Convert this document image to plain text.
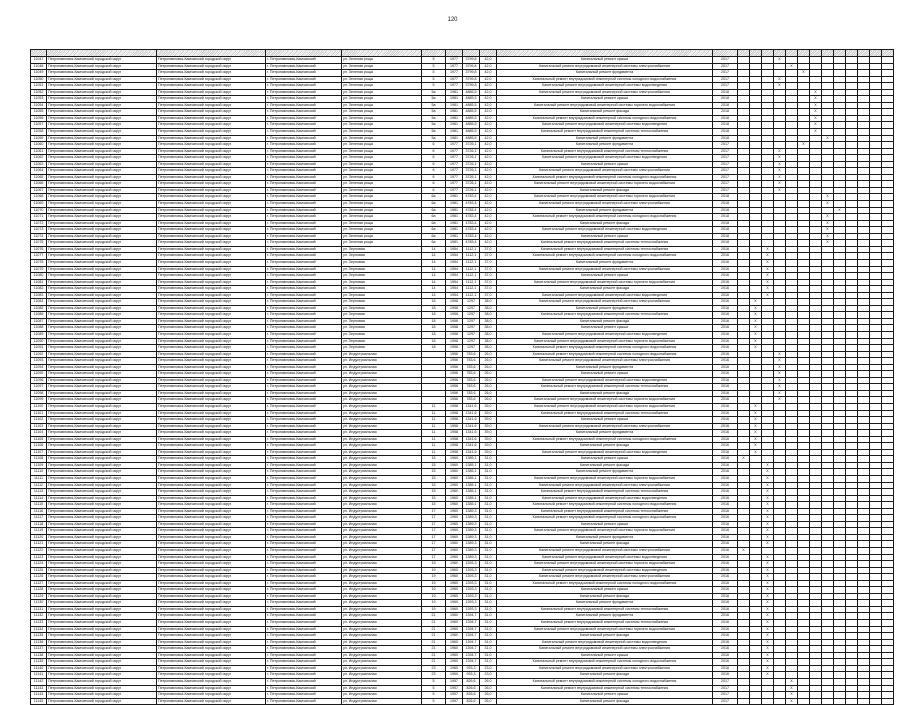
120

11047	Петропавловск-Камчатский городской округ	Петропавловск-Камчатский городской округ	г. Петропавловск-Камчатский	ул. Зеленая роща	5	1977	3799,8	42,0	Капитальный ремонт крыши	2017				X									
11048	Петропавловск-Камчатский городской округ	Петропавловск-Камчатский городской округ	г. Петропавловск-Камчатский	ул. Зеленая роща	5	1977	3799,8	42,0	Капитальный ремонт внутридомовой инженерной системы электроснабжения	2017					X								
11049	Петропавловск-Камчатский городской округ	Петропавловск-Камчатский городской округ	г. Петропавловск-Камчатский	ул. Зеленая роща	5	1977	3799,8	42,0	Капитальный ремонт фундамента	2017						X							
11050	Петропавловск-Камчатский городской округ	Петропавловск-Камчатский городской округ	г. Петропавловск-Камчатский	ул. Зеленая роща	5	1977	3799,8	42,0	Капитальный ремонт внутридомовой инженерной системы холодного водоснабжения	2017				X									
11051	Петропавловск-Камчатский городской округ	Петропавловск-Камчатский городской округ	г. Петропавловск-Камчатский	ул. Зеленая роща	5	1977	3799,8	42,0	Капитальный ремонт внутридомовой инженерной системы водоотведения	2017				X									
11052	Петропавловск-Камчатский городской округ	Петропавловск-Камчатский городской округ	г. Петропавловск-Камчатский	ул. Зеленая роща	5а	1981	4885,5	42,0	Капитальный ремонт внутридомовой инженерной системы электроснабжения	2018							X						
11053	Петропавловск-Камчатский городской округ	Петропавловск-Камчатский городской округ	г. Петропавловск-Камчатский	ул. Зеленая роща	5а	1981	4885,5	42,0	Капитальный ремонт крыши	2018							X						
11054	Петропавловск-Камчатский городской округ	Петропавловск-Камчатский городской округ	г. Петропавловск-Камчатский	ул. Зеленая роща	5а	1981	4885,5	42,0	Капитальный ремонт внутридомовой инженерной системы горячего водоснабжения	2018							X						
11055	Петропавловск-Камчатский городской округ	Петропавловск-Камчатский городской округ	г. Петропавловск-Камчатский	ул. Зеленая роща	5а	1981	4885,5	42,0	Капитальный ремонт фасада	2018							X						
11056	Петропавловск-Камчатский городской округ	Петропавловск-Камчатский городской округ	г. Петропавловск-Камчатский	ул. Зеленая роща	5а	1981	4885,5	42,0	Капитальный ремонт внутридомовой инженерной системы холодного водоснабжения	2018							X						
11057	Петропавловск-Камчатский городской округ	Петропавловск-Камчатский городской округ	г. Петропавловск-Камчатский	ул. Зеленая роща	5а	1981	4885,5	42,0	Капитальный ремонт внутридомовой инженерной системы водоотведения	2018							X						
11058	Петропавловск-Камчатский городской округ	Петропавловск-Камчатский городской округ	г. Петропавловск-Камчатский	ул. Зеленая роща	5а	1981	4885,5	42,0	Капитальный ремонт внутридомовой инженерной системы теплоснабжения	2018							X						
11059	Петропавловск-Камчатский городской округ	Петропавловск-Камчатский городской округ	г. Петропавловск-Камчатский	ул. Зеленая роща	5а	1981	4885,5	42,0	Капитальный ремонт фундамента	2018								X					
11060	Петропавловск-Камчатский городской округ	Петропавловск-Камчатский городской округ	г. Петропавловск-Камчатский	ул. Зеленая роща	6	1977	3726,1	42,0	Капитальный ремонт фундамента	2017						X							
11061	Петропавловск-Камчатский городской округ	Петропавловск-Камчатский городской округ	г. Петропавловск-Камчатский	ул. Зеленая роща	6	1977	3726,1	42,0	Капитальный ремонт внутридомовой инженерной системы теплоснабжения	2017				X									
11062	Петропавловск-Камчатский городской округ	Петропавловск-Камчатский городской округ	г. Петропавловск-Камчатский	ул. Зеленая роща	6	1977	3726,1	42,0	Капитальный ремонт внутридомовой инженерной системы водоотведения	2017				X									
11063	Петропавловск-Камчатский городской округ	Петропавловск-Камчатский городской округ	г. Петропавловск-Камчатский	ул. Зеленая роща	6	1977	3726,1	42,0	Капитальный ремонт крыши	2017				X									
11064	Петропавловск-Камчатский городской округ	Петропавловск-Камчатский городской округ	г. Петропавловск-Камчатский	ул. Зеленая роща	6	1977	3726,1	42,0	Капитальный ремонт внутридомовой инженерной системы электроснабжения	2017				X									
11065	Петропавловск-Камчатский городской округ	Петропавловск-Камчатский городской округ	г. Петропавловск-Камчатский	ул. Зеленая роща	6	1977	3726,1	42,0	Капитальный ремонт внутридомовой инженерной системы холодного водоснабжения	2017				X									
11066	Петропавловск-Камчатский городской округ	Петропавловск-Камчатский городской округ	г. Петропавловск-Камчатский	ул. Зеленая роща	6	1977	3726,1	42,0	Капитальный ремонт внутридомовой инженерной системы горячего водоснабжения	2017				X									
11067	Петропавловск-Камчатский городской округ	Петропавловск-Камчатский городской округ	г. Петропавловск-Камчатский	ул. Зеленая роща	6	1977	3726,1	42,0	Капитальный ремонт фасада	2017				X									
11068	Петропавловск-Камчатский городской округ	Петропавловск-Камчатский городской округ	г. Петропавловск-Камчатский	ул. Зеленая роща	6а	1981	4783,4	42,0	Капитальный ремонт внутридомовой инженерной системы горячего водоснабжения	2018								X					
11069	Петропавловск-Камчатский городской округ	Петропавловск-Камчатский городской округ	г. Петропавловск-Камчатский	ул. Зеленая роща	6а	1981	4783,4	42,0	Капитальный ремонт внутридомовой инженерной системы электроснабжения	2018								X					
11070	Петропавловск-Камчатский городской округ	Петропавловск-Камчатский городской округ	г. Петропавловск-Камчатский	ул. Зеленая роща	6а	1981	4783,4	42,0	Капитальный ремонт фундамента	2018									X				
11071	Петропавловск-Камчатский городской округ	Петропавловск-Камчатский городской округ	г. Петропавловск-Камчатский	ул. Зеленая роща	6а	1981	4783,4	42,0	Капитальный ремонт внутридомовой инженерной системы холодного водоснабжения	2018								X					
11072	Петропавловск-Камчатский городской округ	Петропавловск-Камчатский городской округ	г. Петропавловск-Камчатский	ул. Зеленая роща	6а	1981	4783,4	42,0	Капитальный ремонт фасада	2018								X					
11073	Петропавловск-Камчатский городской округ	Петропавловск-Камчатский городской округ	г. Петропавловск-Камчатский	ул. Зеленая роща	6а	1981	4783,4	42,0	Капитальный ремонт внутридомовой инженерной системы водоотведения	2018								X					
11074	Петропавловск-Камчатский городской округ	Петропавловск-Камчатский городской округ	г. Петропавловск-Камчатский	ул. Зеленая роща	6а	1981	4783,4	42,0	Капитальный ремонт крыши	2018								X					
11075	Петропавловск-Камчатский городской округ	Петропавловск-Камчатский городской округ	г. Петропавловск-Камчатский	ул. Зеленая роща	6а	1981	4783,4	42,0	Капитальный ремонт внутридомовой инженерной системы теплоснабжения	2018								X					
11076	Петропавловск-Камчатский городской округ	Петропавловск-Камчатский городской округ	г. Петропавловск-Камчатский	ул. Зерновая	14	1954	1112,1	37,0	Капитальный ремонт внутридомовой инженерной системы теплоснабжения	2016			X										
11077	Петропавловск-Камчатский городской округ	Петропавловск-Камчатский городской округ	г. Петропавловск-Камчатский	ул. Зерновая	14	1954	1112,1	37,0	Капитальный ремонт внутридомовой инженерной системы холодного водоснабжения	2016			X										
11078	Петропавловск-Камчатский городской округ	Петропавловск-Камчатский городской округ	г. Петропавловск-Камчатский	ул. Зерновая	14	1954	1112,1	37,0	Капитальный ремонт фундамента	2016			X										
11079	Петропавловск-Камчатский городской округ	Петропавловск-Камчатский городской округ	г. Петропавловск-Камчатский	ул. Зерновая	14	1954	1112,1	37,0	Капитальный ремонт внутридомовой инженерной системы электроснабжения	2016			X										
11080	Петропавловск-Камчатский городской округ	Петропавловск-Камчатский городской округ	г. Петропавловск-Камчатский	ул. Зерновая	14	1954	1112,1	37,0	Капитальный ремонт крыши	2016			X										
11081	Петропавловск-Камчатский городской округ	Петропавловск-Камчатский городской округ	г. Петропавловск-Камчатский	ул. Зерновая	14	1954	1112,1	37,0	Капитальный ремонт внутридомовой инженерной системы горячего водоснабжения	2016			X										
11082	Петропавловск-Камчатский городской округ	Петропавловск-Камчатский городской округ	г. Петропавловск-Камчатский	ул. Зерновая	14	1954	1112,1	37,0	Капитальный ремонт фасада	2016			X										
11083	Петропавловск-Камчатский городской округ	Петропавловск-Камчатский городской округ	г. Петропавловск-Камчатский	ул. Зерновая	14	1954	1112,1	37,0	Капитальный ремонт внутридомовой инженерной системы водоотведения	2016			X										
11084	Петропавловск-Камчатский городской округ	Петропавловск-Камчатский городской округ	г. Петропавловск-Камчатский	ул. Зерновая	18	1958	1297	38,0	Капитальный ремонт внутридомовой инженерной системы электроснабжения	2016		X											
11085	Петропавловск-Камчатский городской округ	Петропавловск-Камчатский городской округ	г. Петропавловск-Камчатский	ул. Зерновая	18	1958	1297	38,0	Капитальный ремонт фундамента	2016		X											
11086	Петропавловск-Камчатский городской округ	Петропавловск-Камчатский городской округ	г. Петропавловск-Камчатский	ул. Зерновая	18	1958	1297	38,0	Капитальный ремонт внутридомовой инженерной системы теплоснабжения	2016		X											
11087	Петропавловск-Камчатский городской округ	Петропавловск-Камчатский городской округ	г. Петропавловск-Камчатский	ул. Зерновая	18	1958	1297	38,0	Капитальный ремонт фасада	2016		X											
11088	Петропавловск-Камчатский городской округ	Петропавловск-Камчатский городской округ	г. Петропавловск-Камчатский	ул. Зерновая	18	1958	1297	38,0	Капитальный ремонт крыши	2016		X											
11089	Петропавловск-Камчатский городской округ	Петропавловск-Камчатский городской округ	г. Петропавловск-Камчатский	ул. Зерновая	18	1958	1297	38,0	Капитальный ремонт внутридомовой инженерной системы водоотведения	2016		X											
11090	Петропавловск-Камчатский городской округ	Петропавловск-Камчатский городской округ	г. Петропавловск-Камчатский	ул. Зерновая	18	1958	1297	38,0	Капитальный ремонт внутридомовой инженерной системы горячего водоснабжения	2016		X											
11091	Петропавловск-Камчатский городской округ	Петропавловск-Камчатский городской округ	г. Петропавловск-Камчатский	ул. Зерновая	18	1958	1297	38,0	Капитальный ремонт внутридомовой инженерной системы холодного водоснабжения	2016		X											
11092	Петропавловск-Камчатский городской округ	Петропавловск-Камчатский городской округ	г. Петропавловск-Камчатский	ул. Индустриальная		1956	783,6	26,0	Капитальный ремонт внутридомовой инженерной системы холодного водоснабжения	2016				X									
11093	Петропавловск-Камчатский городской округ	Петропавловск-Камчатский городской округ	г. Петропавловск-Камчатский	ул. Индустриальная		1956	783,6	26,0	Капитальный ремонт внутридомовой инженерной системы электроснабжения	2016				X									
11094	Петропавловск-Камчатский городской округ	Петропавловск-Камчатский городской округ	г. Петропавловск-Камчатский	ул. Индустриальная		1956	783,6	26,0	Капитальный ремонт фундамента	2016				X									
11095	Петропавловск-Камчатский городской округ	Петропавловск-Камчатский городской округ	г. Петропавловск-Камчатский	ул. Индустриальная		1956	783,6	26,0	Капитальный ремонт крыши	2016				X									
11096	Петропавловск-Камчатский городской округ	Петропавловск-Камчатский городской округ	г. Петропавловск-Камчатский	ул. Индустриальная		1956	783,6	26,0	Капитальный ремонт внутридомовой инженерной системы водоотведения	2016				X									
11097	Петропавловск-Камчатский городской округ	Петропавловск-Камчатский городской округ	г. Петропавловск-Камчатский	ул. Индустриальная		1956	783,6	26,0	Капитальный ремонт внутридомовой инженерной системы теплоснабжения	2016				X									
11098	Петропавловск-Камчатский городской округ	Петропавловск-Камчатский городской округ	г. Петропавловск-Камчатский	ул. Индустриальная		1956	783,6	26,0	Капитальный ремонт фасада	2016				X									
11099	Петропавловск-Камчатский городской округ	Петропавловск-Камчатский городской округ	г. Петропавловск-Камчатский	ул. Индустриальная		1956	783,6	26,0	Капитальный ремонт внутридомовой инженерной системы горячего водоснабжения	2016				X									
11100	Петропавловск-Камчатский городской округ	Петропавловск-Камчатский городской округ	г. Петропавловск-Камчатский	ул. Индустриальная	11	1958	1341,6	39,0	Капитальный ремонт внутридомовой инженерной системы горячего водоснабжения	2016		X											
11101	Петропавловск-Камчатский городской округ	Петропавловск-Камчатский городской округ	г. Петропавловск-Камчатский	ул. Индустриальная	11	1958	1341,6	39,0	Капитальный ремонт внутридомовой инженерной системы теплоснабжения	2016		X											
11102	Петропавловск-Камчатский городской округ	Петропавловск-Камчатский городской округ	г. Петропавловск-Камчатский	ул. Индустриальная	11	1958	1341,6	39,0	Капитальный ремонт крыши	2016		X											
11103	Петропавловск-Камчатский городской округ	Петропавловск-Камчатский городской округ	г. Петропавловск-Камчатский	ул. Индустриальная	11	1958	1341,6	39,0	Капитальный ремонт внутридомовой инженерной системы электроснабжения	2016		X											
11104	Петропавловск-Камчатский городской округ	Петропавловск-Камчатский городской округ	г. Петропавловск-Камчатский	ул. Индустриальная	11	1958	1341,6	39,0	Капитальный ремонт фундамента	2016		X											
11105	Петропавловск-Камчатский городской округ	Петропавловск-Камчатский городской округ	г. Петропавловск-Камчатский	ул. Индустриальная	11	1958	1341,6	39,0	Капитальный ремонт внутридомовой инженерной системы холодного водоснабжения	2016		X											
11106	Петропавловск-Камчатский городской округ	Петропавловск-Камчатский городской округ	г. Петропавловск-Камчатский	ул. Индустриальная	11	1958	1341,6	39,0	Капитальный ремонт фасада	2016		X											
11107	Петропавловск-Камчатский городской округ	Петропавловск-Камчатский городской округ	г. Петропавловск-Камчатский	ул. Индустриальная	11	1958	1341,6	39,0	Капитальный ремонт внутридомовой инженерной системы водоотведения	2016		X											
11108	Петропавловск-Камчатский городской округ	Петропавловск-Камчатский городской округ	г. Петропавловск-Камчатский	ул. Индустриальная	15	1960	1385,1	31,0	Капитальный ремонт крыши	2016	X												
11109	Петропавловск-Камчатский городской округ	Петропавловск-Камчатский городской округ	г. Петропавловск-Камчатский	ул. Индустриальная	15	1960	1385,1	31,0	Капитальный ремонт фасада	2016			X										
11110	Петропавловск-Камчатский городской округ	Петропавловск-Камчатский городской округ	г. Петропавловск-Камчатский	ул. Индустриальная	15	1960	1385,1	31,0	Капитальный ремонт фундамента	2016			X										
11111	Петропавловск-Камчатский городской округ	Петропавловск-Камчатский городской округ	г. Петропавловск-Камчатский	ул. Индустриальная	15	1960	1385,1	31,0	Капитальный ремонт внутридомовой инженерной системы горячего водоснабжения	2016			X										
11112	Петропавловск-Камчатский городской округ	Петропавловск-Камчатский городской округ	г. Петропавловск-Камчатский	ул. Индустриальная	15	1960	1385,1	31,0	Капитальный ремонт внутридомовой инженерной системы электроснабжения	2016			X										
11113	Петропавловск-Камчатский городской округ	Петропавловск-Камчатский городской округ	г. Петропавловск-Камчатский	ул. Индустриальная	15	1960	1385,1	31,0	Капитальный ремонт внутридомовой инженерной системы теплоснабжения	2016			X										
11114	Петропавловск-Камчатский городской округ	Петропавловск-Камчатский городской округ	г. Петропавловск-Камчатский	ул. Индустриальная	15	1960	1385,1	31,0	Капитальный ремонт внутридомовой инженерной системы водоотведения	2016			X										
11115	Петропавловск-Камчатский городской округ	Петропавловск-Камчатский городской округ	г. Петропавловск-Камчатский	ул. Индустриальная	15	1960	1385,1	31,0	Капитальный ремонт внутридомовой инженерной системы холодного водоснабжения	2016			X										
11116	Петропавловск-Камчатский городской округ	Петропавловск-Камчатский городской округ	г. Петропавловск-Камчатский	ул. Индустриальная	17	1960	1389,3	31,0	Капитальный ремонт внутридомовой инженерной системы теплоснабжения	2016			X										
11117	Петропавловск-Камчатский городской округ	Петропавловск-Камчатский городской округ	г. Петропавловск-Камчатский	ул. Индустриальная	17	1960	1389,3	31,0	Капитальный ремонт внутридомовой инженерной системы холодного водоснабжения	2016			X										
11118	Петропавловск-Камчатский городской округ	Петропавловск-Камчатский городской округ	г. Петропавловск-Камчатский	ул. Индустриальная	17	1960	1389,3	31,0	Капитальный ремонт крыши	2016			X										
11119	Петропавловск-Камчатский городской округ	Петропавловск-Камчатский городской округ	г. Петропавловск-Камчатский	ул. Индустриальная	17	1960	1389,3	31,0	Капитальный ремонт внутридомовой инженерной системы горячего водоснабжения	2016			X										
11120	Петропавловск-Камчатский городской округ	Петропавловск-Камчатский городской округ	г. Петропавловск-Камчатский	ул. Индустриальная	17	1960	1389,3	31,0	Капитальный ремонт фундамента	2016			X										
11121	Петропавловск-Камчатский городской округ	Петропавловск-Камчатский городской округ	г. Петропавловск-Камчатский	ул. Индустриальная	17	1960	1389,3	31,0	Капитальный ремонт фасада	2016			X										
11122	Петропавловск-Камчатский городской округ	Петропавловск-Камчатский городской округ	г. Петропавловск-Камчатский	ул. Индустриальная	17	1960	1389,3	31,0	Капитальный ремонт внутридомовой инженерной системы электроснабжения	2016	X												
11123	Петропавловск-Камчатский городской округ	Петропавловск-Камчатский городской округ	г. Петропавловск-Камчатский	ул. Индустриальная	17	1960	1389,3	31,0	Капитальный ремонт внутридомовой инженерной системы водоотведения	2016			X										
11124	Петропавловск-Камчатский городской округ	Петропавловск-Камчатский городской округ	г. Петропавловск-Камчатский	ул. Индустриальная	19	1960	1393,3	31,0	Капитальный ремонт внутридомовой инженерной системы горячего водоснабжения	2016			X										
11125	Петропавловск-Камчатский городской округ	Петропавловск-Камчатский городской округ	г. Петропавловск-Камчатский	ул. Индустриальная	19	1960	1393,3	31,0	Капитальный ремонт внутридомовой инженерной системы водоотведения	2016			X										
11126	Петропавловск-Камчатский городской округ	Петропавловск-Камчатский городской округ	г. Петропавловск-Камчатский	ул. Индустриальная	19	1960	1393,3	31,0	Капитальный ремонт внутридомовой инженерной системы электроснабжения	2016			X										
11127	Петропавловск-Камчатский городской округ	Петропавловск-Камчатский городской округ	г. Петропавловск-Камчатский	ул. Индустриальная	19	1960	1393,3	31,0	Капитальный ремонт внутридомовой инженерной системы холодного водоснабжения	2016			X										
11128	Петропавловск-Камчатский городской округ	Петропавловск-Камчатский городской округ	г. Петропавловск-Камчатский	ул. Индустриальная	19	1960	1393,3	31,0	Капитальный ремонт крыши	2016			X										
11129	Петропавловск-Камчатский городской округ	Петропавловск-Камчатский городской округ	г. Петропавловск-Камчатский	ул. Индустриальная	19	1960	1393,3	31,0	Капитальный ремонт фасада	2016			X										
11130	Петропавловск-Камчатский городской округ	Петропавловск-Камчатский городской округ	г. Петропавловск-Камчатский	ул. Индустриальная	19	1960	1393,3	31,0	Капитальный ремонт фундамента	2016			X										
11131	Петропавловск-Камчатский городской округ	Петропавловск-Камчатский городской округ	г. Петропавловск-Камчатский	ул. Индустриальная	19	1960	1393,3	31,0	Капитальный ремонт внутридомовой инженерной системы теплоснабжения	2016			X										
11132	Петропавловск-Камчатский городской округ	Петропавловск-Камчатский городской округ	г. Петропавловск-Камчатский	ул. Индустриальная	21	1960	1394,7	31,0	Капитальный ремонт фундамента	2016			X										
11133	Петропавловск-Камчатский городской округ	Петропавловск-Камчатский городской округ	г. Петропавловск-Камчатский	ул. Индустриальная	21	1960	1394,7	31,0	Капитальный ремонт внутридомовой инженерной системы теплоснабжения	2016			X										
11134	Петропавловск-Камчатский городской округ	Петропавловск-Камчатский городской округ	г. Петропавловск-Камчатский	ул. Индустриальная	21	1960	1394,7	31,0	Капитальный ремонт внутридомовой инженерной системы горячего водоснабжения	2016			X										
11135	Петропавловск-Камчатский городской округ	Петропавловск-Камчатский городской округ	г. Петропавловск-Камчатский	ул. Индустриальная	21	1960	1394,7	31,0	Капитальный ремонт фасада	2016			X										
11136	Петропавловск-Камчатский городской округ	Петропавловск-Камчатский городской округ	г. Петропавловск-Камчатский	ул. Индустриальная	21	1960	1394,7	31,0	Капитальный ремонт внутридомовой инженерной системы водоотведения	2016			X										
11137	Петропавловск-Камчатский городской округ	Петропавловск-Камчатский городской округ	г. Петропавловск-Камчатский	ул. Индустриальная	21	1960	1394,7	31,0	Капитальный ремонт внутридомовой инженерной системы электроснабжения	2016			X										
11138	Петропавловск-Камчатский городской округ	Петропавловск-Камчатский городской округ	г. Петропавловск-Камчатский	ул. Индустриальная	21	1960	1394,7	31,0	Капитальный ремонт крыши	2016			X										
11139	Петропавловск-Камчатский городской округ	Петропавловск-Камчатский городской округ	г. Петропавловск-Камчатский	ул. Индустриальная	21	1960	1394,7	31,0	Капитальный ремонт внутридомовой инженерной системы холодного водоснабжения	2016			X										
11140	Петропавловск-Камчатский городской округ	Петропавловск-Камчатский городской округ	г. Петропавловск-Камчатский	ул. Индустриальная	23	1960	933,3	23,0	Капитальный ремонт внутридомовой инженерной системы электроснабжения	2016			X										
11141	Петропавловск-Камчатский городской округ	Петропавловск-Камчатский городской округ	г. Петропавловск-Камчатский	ул. Индустриальная	23	1960	933,3	23,0	Капитальный ремонт фасада	2016			X										
11142	Петропавловск-Камчатский городской округ	Петропавловск-Камчатский городской округ	г. Петропавловск-Камчатский	ул. Индустриальная	5	1957	826,6	26,0	Капитальный ремонт внутридомовой инженерной системы холодного водоснабжения	2017					X								
11143	Петропавловск-Камчатский городской округ	Петропавловск-Камчатский городской округ	г. Петропавловск-Камчатский	ул. Индустриальная	5	1957	826,6	26,0	Капитальный ремонт внутридомовой инженерной системы теплоснабжения	2017					X								
11144	Петропавловск-Камчатский городской округ	Петропавловск-Камчатский городской округ	г. Петропавловск-Камчатский	ул. Индустриальная	5	1957	826,6	26,0	Капитальный ремонт крыши	2017					X								
11145	Петропавловск-Камчатский городской округ	Петропавловск-Камчатский городской округ	г. Петропавловск-Камчатский	ул. Индустриальная	5	1957	826,6	26,0	Капитальный ремонт фасада	2017					X								
